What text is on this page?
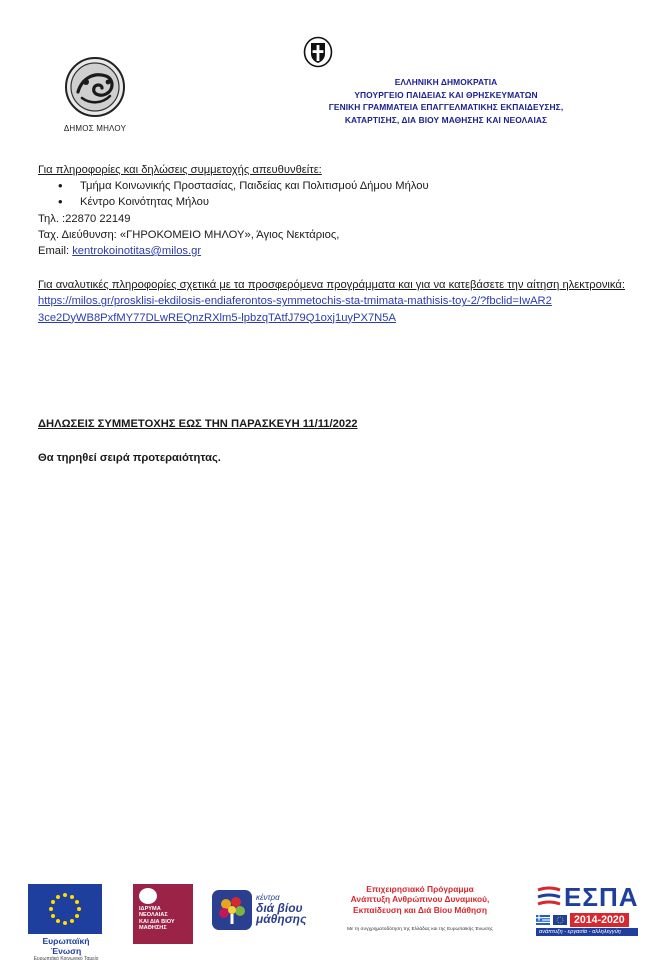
ΔΗΜΟΣ ΜΗΛΟΥ
ΕΛΛΗΝΙΚΗ ΔΗΜΟΚΡΑΤΙΑ
ΥΠΟΥΡΓΕΙΟ ΠΑΙΔΕΙΑΣ ΚΑΙ ΘΡΗΣΚΕΥΜΑΤΩΝ
ΓΕΝΙΚΗ ΓΡΑΜΜΑΤΕΙΑ ΕΠΑΓΓΕΛΜΑΤΙΚΗΣ ΕΚΠΑΙΔΕΥΣΗΣ,
ΚΑΤΑΡΤΙΣΗΣ, ΔΙΑ ΒΙΟΥ ΜΑΘΗΣΗΣ ΚΑΙ ΝΕΟΛΑΙΑΣ
Για πληροφορίες και δηλώσεις συμμετοχής απευθυνθείτε:
• Τμήμα Κοινωνικής Προστασίας, Παιδείας και Πολιτισμού Δήμου Μήλου
• Κέντρο Κοινότητας Μήλου
Τηλ. :22870 22149
Ταχ. Διεύθυνση: «ΓΗΡΟΚΟΜΕΙΟ ΜΗΛΟΥ», Άγιος Νεκτάριος,
Email: kentrokoinotitas@milos.gr
Για αναλυτικές πληροφορίες σχετικά με τα προσφερόμενα προγράμματα και για να κατεβάσετε την αίτηση ηλεκτρονικά:
https://milos.gr/prosklisi-ekdilosis-endiaferontos-symmetochis-sta-tmimata-mathisis-toy-2/?fbclid=IwAR23ce2DyWB8PxfMY77DLwREQnzRXlm5-lpbzqTAtfJ79Q1oxj1uyPX7N5A
ΔΗΛΩΣΕΙΣ ΣΥΜΜΕΤΟΧΗΣ ΕΩΣ ΤΗΝ ΠΑΡΑΣΚΕΥΗ 11/11/2022
Θα τηρηθεί σειρά προτεραιότητας.
Ευρωπαϊκή Ένωση
Ευρωπαϊκό Κοινωνικό Ταμείο
ΙΔΡΥΜΑ
ΝΕΟΛΑΙΑΣ
ΚΑΙ ΔΙΑ ΒΙΟΥ
ΜΑΘΗΣΗΣ
κέντρα
διά βίου
μάθησης
Επιχειρησιακό Πρόγραμμα
Ανάπτυξη Ανθρώπινου Δυναμικού,
Εκπαίδευση και Διά Βίου Μάθηση
Με τη συγχρηματοδότηση της Ελλάδας και της Ευρωπαϊκής Ένωσης
ΕΣΠΑ
2014-2020
ανάπτυξη - εργασία - αλληλεγγύη
